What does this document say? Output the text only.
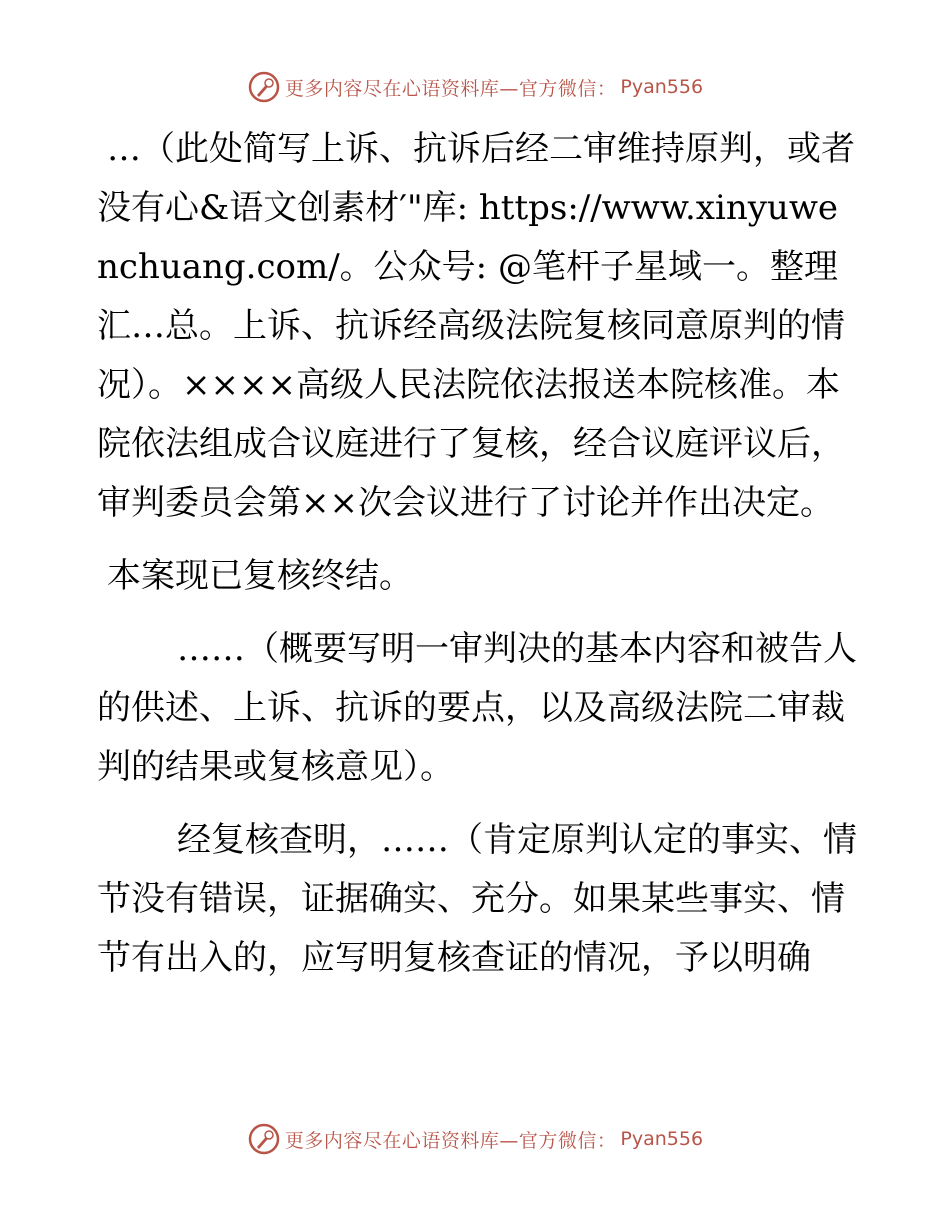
更多内容尽在心语资料库—官方微信： Pyan556

…（此处简写上诉、抗诉后经二审维持原判，或者没有心&语文创素材′"库: https://www.xinyuwenchuang.com/。公众号: @笔杆子星域一。整理汇…总。上诉、抗诉经高级法院复核同意原判的情况）。××××高级人民法院依法报送本院核准。本院依法组成合议庭进行了复核，经合议庭评议后，审判委员会第××次会议进行了讨论并作出决定。

本案现已复核终结。

……（概要写明一审判决的基本内容和被告人的供述、上诉、抗诉的要点，以及高级法院二审裁判的结果或复核意见）。

经复核查明，……（肯定原判认定的事实、情节没有错误，证据确实、充分。如果某些事实、情节有出入的，应写明复核查证的情况，予以明确

更多内容尽在心语资料库—官方微信： Pyan556
